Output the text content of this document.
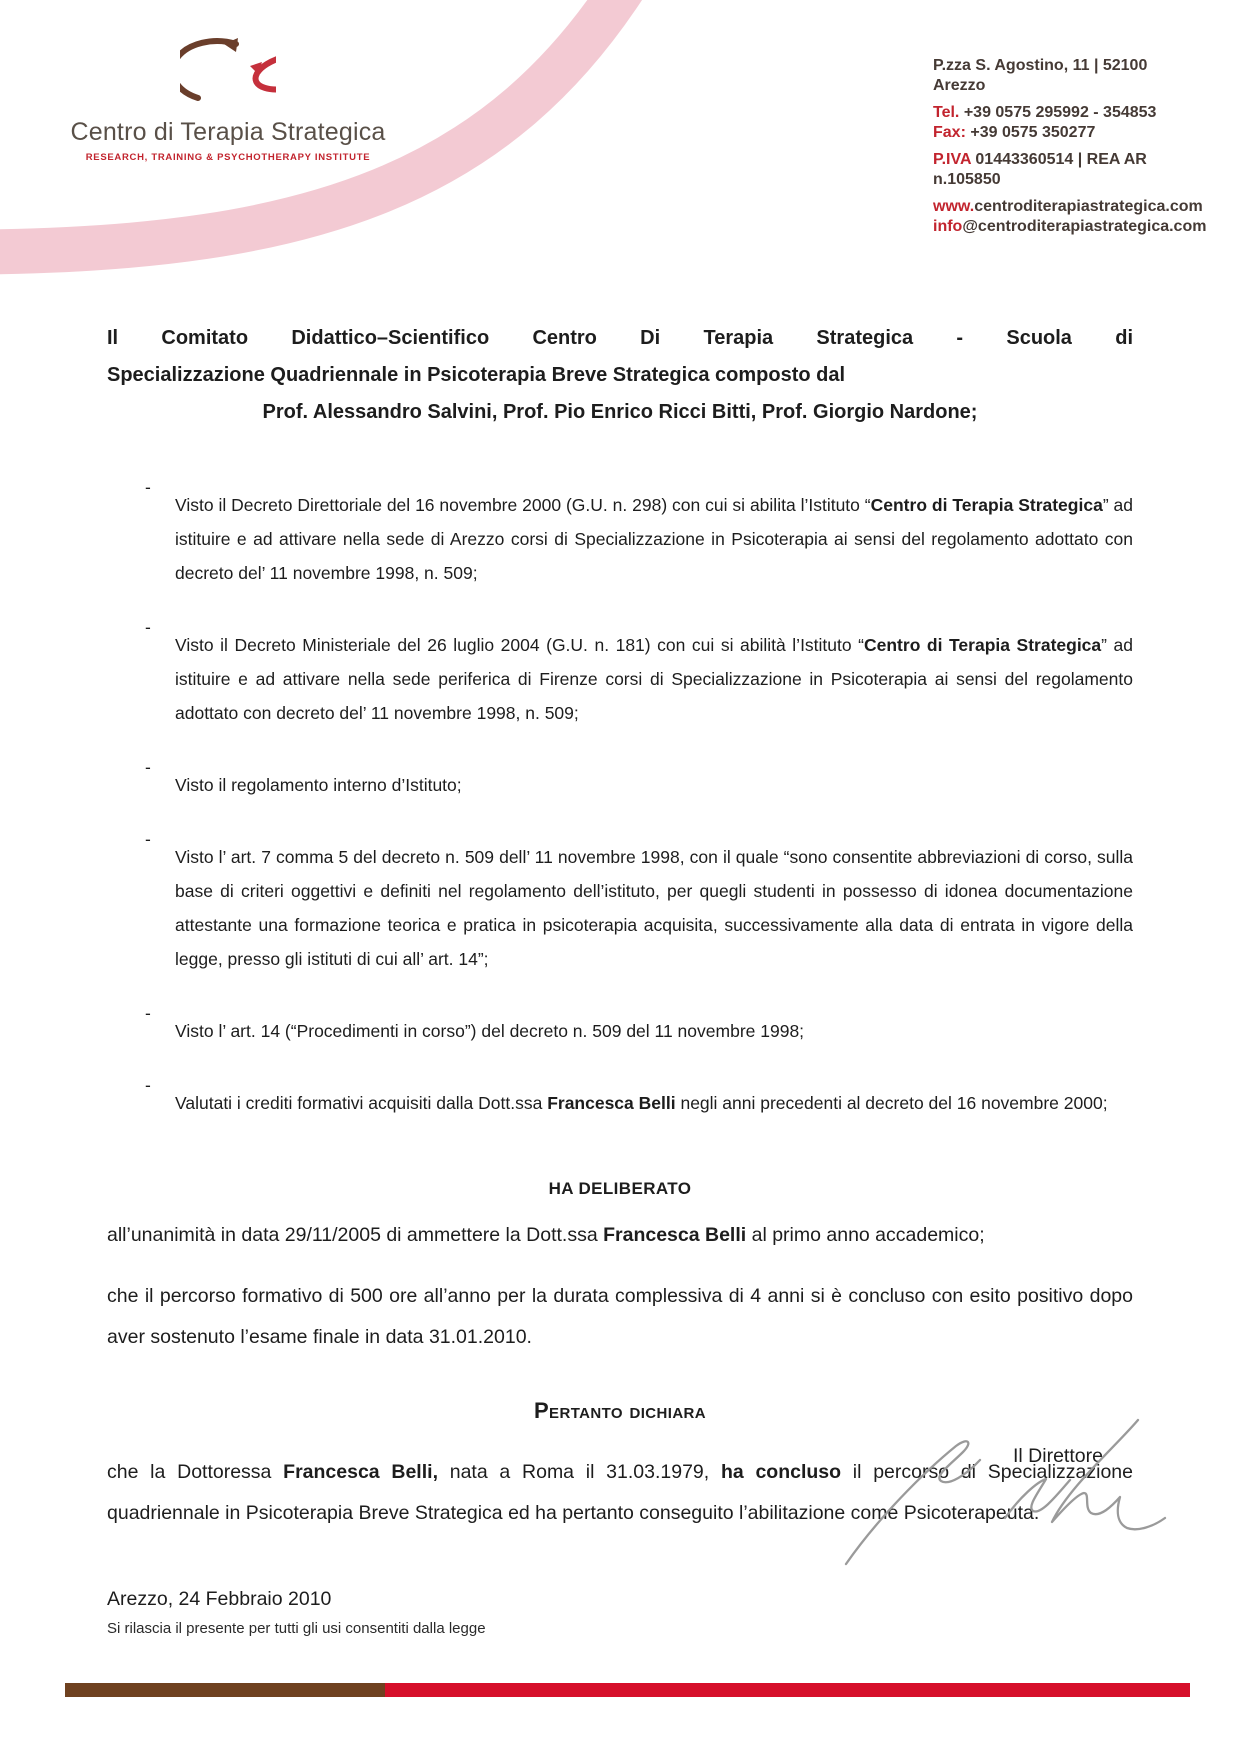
Centro di Terapia Strategica
RESEARCH, TRAINING & PSYCHOTHERAPY INSTITUTE
P.zza S. Agostino, 11 | 52100 Arezzo
Tel. +39 0575 295992 - 354853
Fax: +39 0575 350277
P.IVA 01443360514 | REA AR n.105850
www.centroditerapiastrategica.com
info@centroditerapiastrategica.com
Il Comitato Didattico–Scientifico Centro Di Terapia Strategica - Scuola di
Specializzazione Quadriennale in Psicoterapia Breve Strategica composto dal
Prof. Alessandro Salvini, Prof. Pio Enrico Ricci Bitti, Prof. Giorgio Nardone;
-

Visto il Decreto Direttoriale del 16 novembre 2000 (G.U. n. 298) con cui si abilita l’Istituto “Centro di Terapia Strategica” ad istituire e ad attivare nella sede di Arezzo corsi di Specializzazione in Psicoterapia ai sensi del regolamento adottato con decreto del’ 11 novembre 1998, n. 509;

-

Visto il Decreto Ministeriale del 26 luglio 2004 (G.U. n. 181) con cui si abilità l’Istituto “Centro di Terapia Strategica” ad istituire e ad attivare nella sede periferica di Firenze corsi di Specializzazione in Psicoterapia ai sensi del regolamento adottato con decreto del’ 11 novembre 1998, n. 509;

-

Visto il regolamento interno d’Istituto;

-

Visto l’ art. 7 comma 5 del decreto n. 509 dell’ 11 novembre 1998, con il quale “sono consentite abbreviazioni di corso, sulla base di criteri oggettivi e definiti nel regolamento dell’istituto, per quegli studenti in possesso di idonea documentazione attestante una formazione teorica e pratica in psicoterapia acquisita, successivamente alla data di entrata in vigore della legge, presso gli istituti di cui all’ art. 14”;

-

Visto l’ art. 14 (“Procedimenti in corso”) del decreto n. 509 del 11 novembre 1998;

-

Valutati i crediti formativi acquisiti dalla Dott.ssa Francesca Belli negli anni precedenti al decreto del 16 novembre 2000;

HA DELIBERATO

all’unanimità in data 29/11/2005 di ammettere la Dott.ssa Francesca Belli al primo anno accademico;

che il percorso formativo di 500 ore all’anno per la durata complessiva di 4 anni si è concluso con esito positivo dopo aver sostenuto l’esame finale in data 31.01.2010.

Pertanto dichiara

che la Dottoressa Francesca Belli, nata a Roma il 31.03.1979, ha concluso il percorso di Specializzazione quadriennale in Psicoterapia Breve Strategica ed ha pertanto conseguito l’abilitazione come Psicoterapeuta.

Arezzo, 24 Febbraio 2010
Il Direttore
Si rilascia il presente per tutti gli usi consentiti dalla legge
